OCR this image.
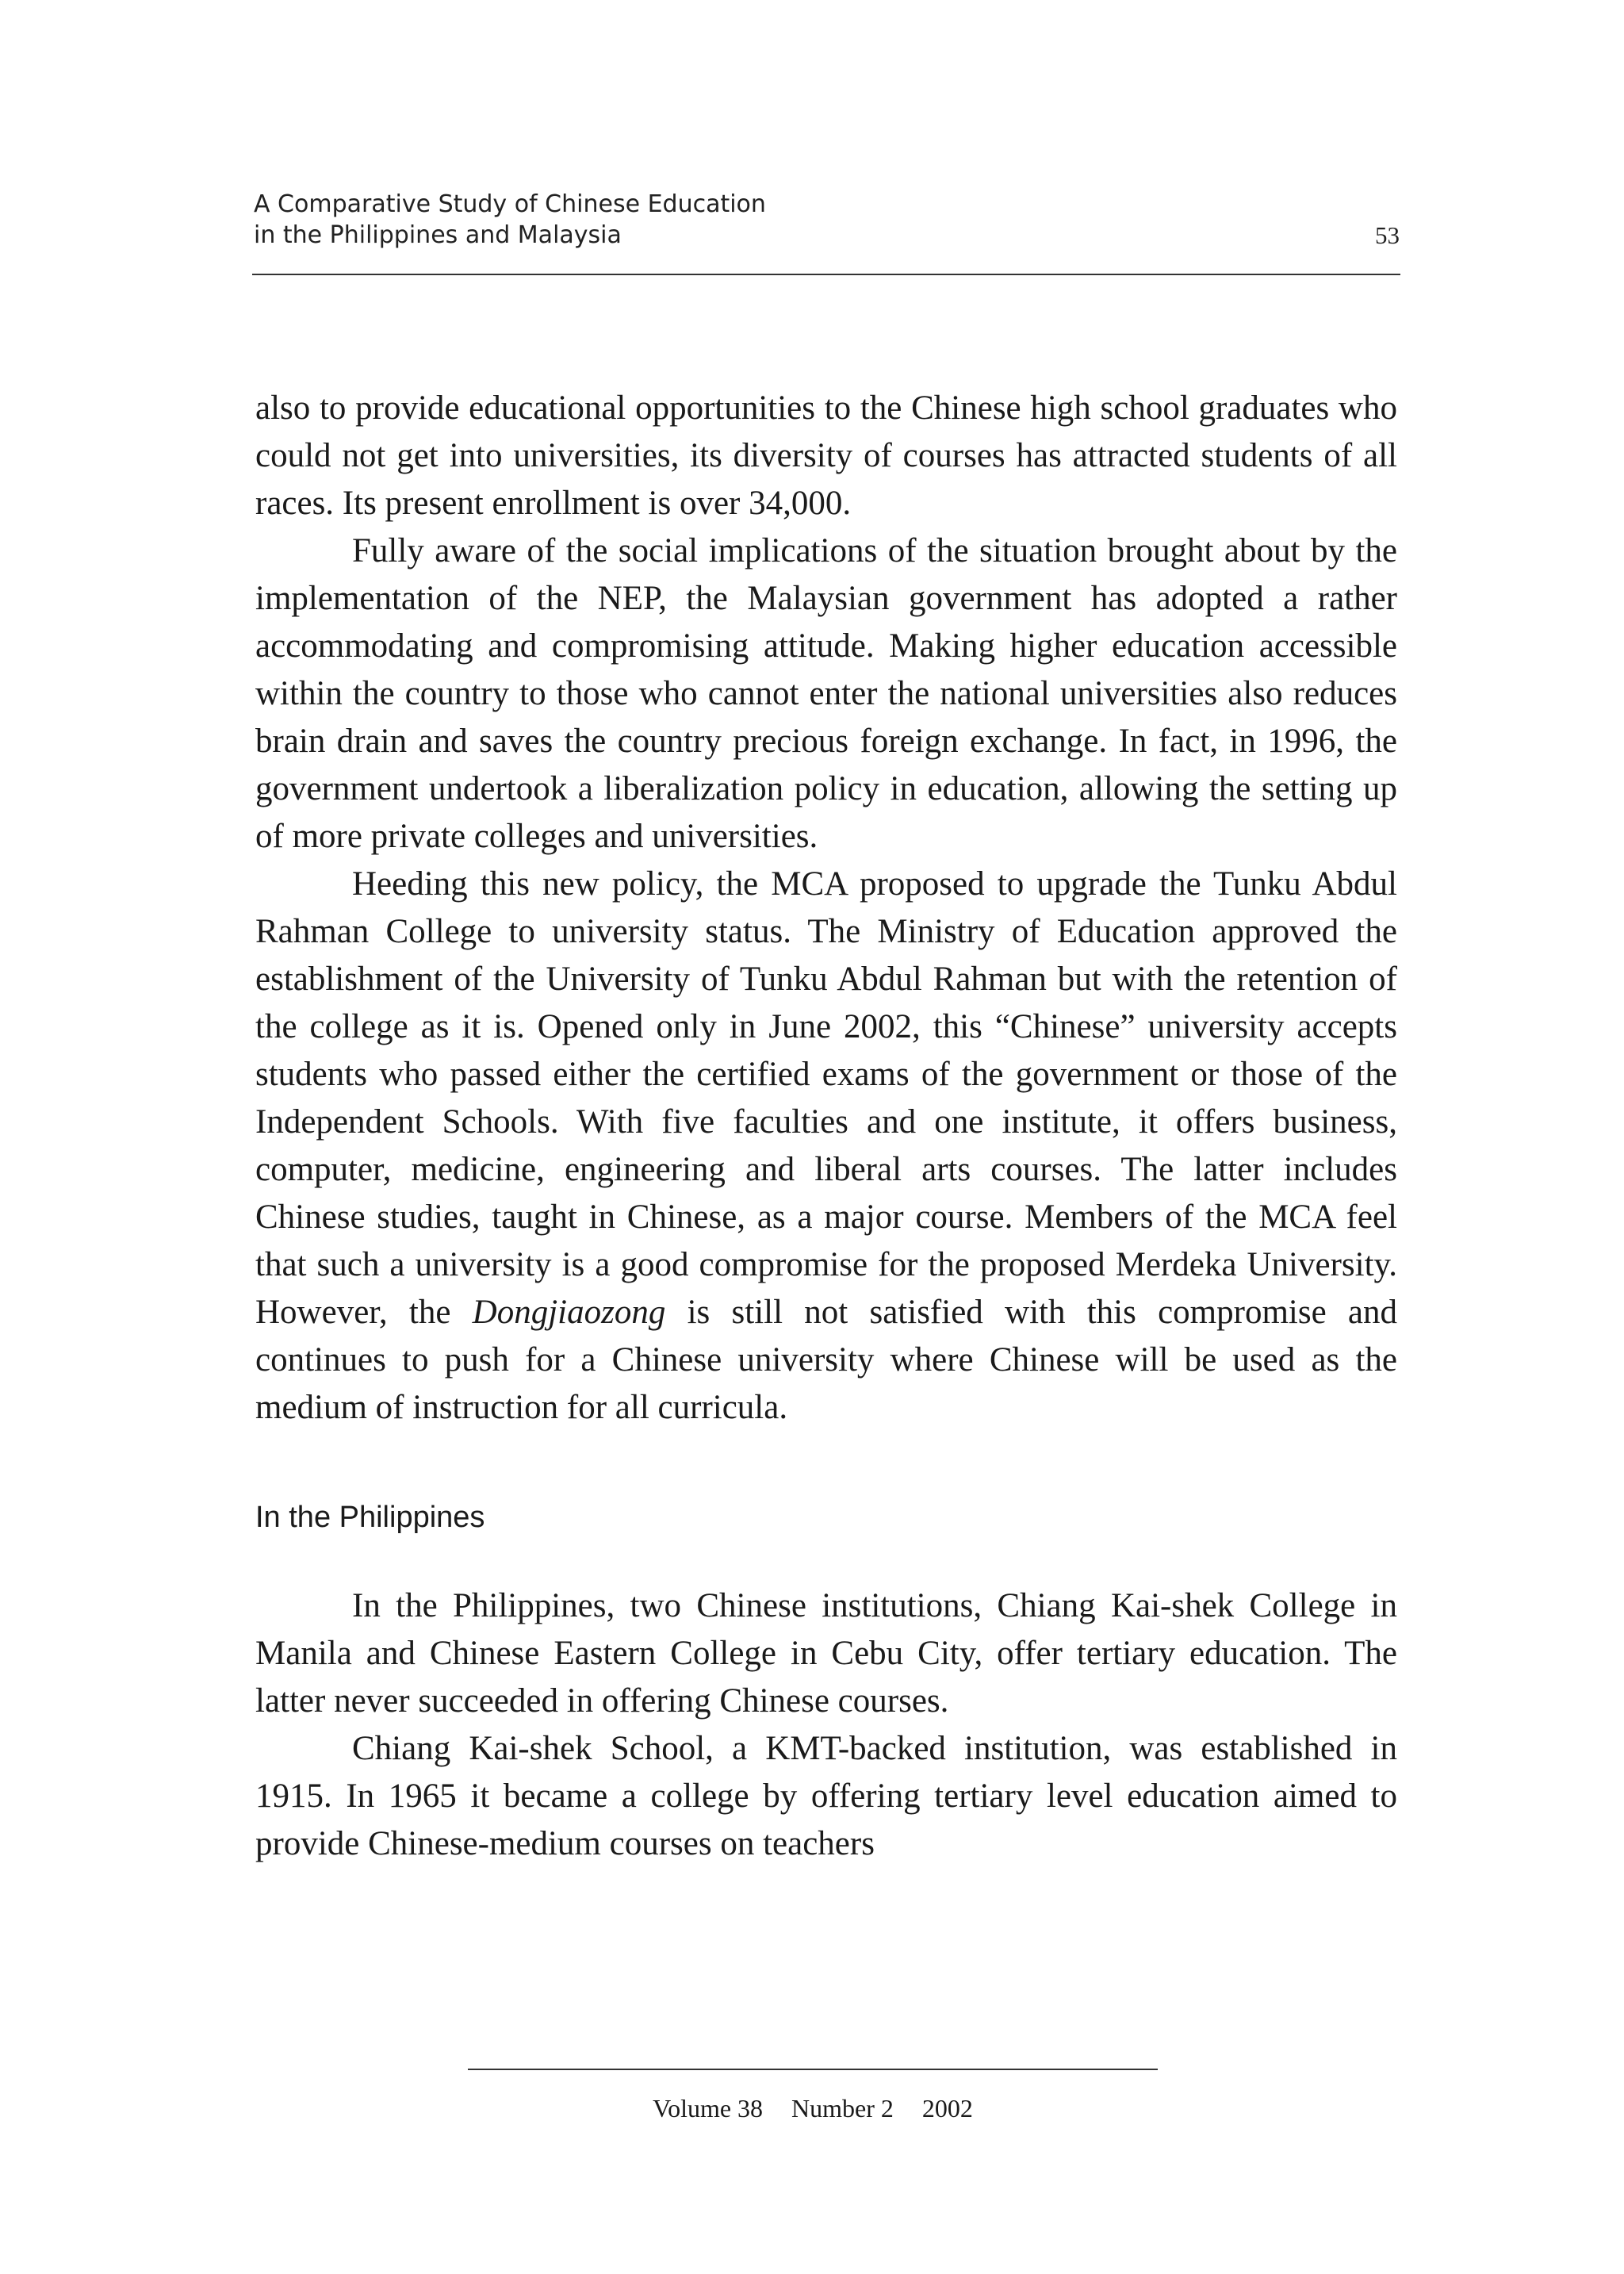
A Comparative Study of Chinese Education
in the Philippines and Malaysia	53

also to provide educational opportunities to the Chinese high school graduates who could not get into universities, its diversity of courses has attracted students of all races. Its present enrollment is over 34,000.

Fully aware of the social implications of the situation brought about by the implementation of the NEP, the Malaysian government has adopted a rather accommodating and compromising attitude. Making higher education accessible within the country to those who cannot enter the national universities also reduces brain drain and saves the country precious foreign exchange. In fact, in 1996, the government undertook a liberalization policy in education, allowing the setting up of more private colleges and universities.

Heeding this new policy, the MCA proposed to upgrade the Tunku Abdul Rahman College to university status. The Ministry of Education approved the establishment of the University of Tunku Abdul Rahman but with the retention of the college as it is. Opened only in June 2002, this “Chinese” university accepts students who passed either the certified exams of the government or those of the Independent Schools. With five faculties and one institute, it offers business, computer, medicine, engineering and liberal arts courses. The latter includes Chinese studies, taught in Chinese, as a major course. Members of the MCA feel that such a university is a good compromise for the proposed Merdeka University. However, the Dongjiaozong is still not satisfied with this compromise and continues to push for a Chinese university where Chinese will be used as the medium of instruction for all curricula.

In the Philippines

In the Philippines, two Chinese institutions, Chiang Kai-shek College in Manila and Chinese Eastern College in Cebu City, offer tertiary education. The latter never succeeded in offering Chinese courses.

Chiang Kai-shek School, a KMT-backed institution, was established in 1915. In 1965 it became a college by offering tertiary level education aimed to provide Chinese-medium courses on teachers

Volume 38 Number 2 2002
